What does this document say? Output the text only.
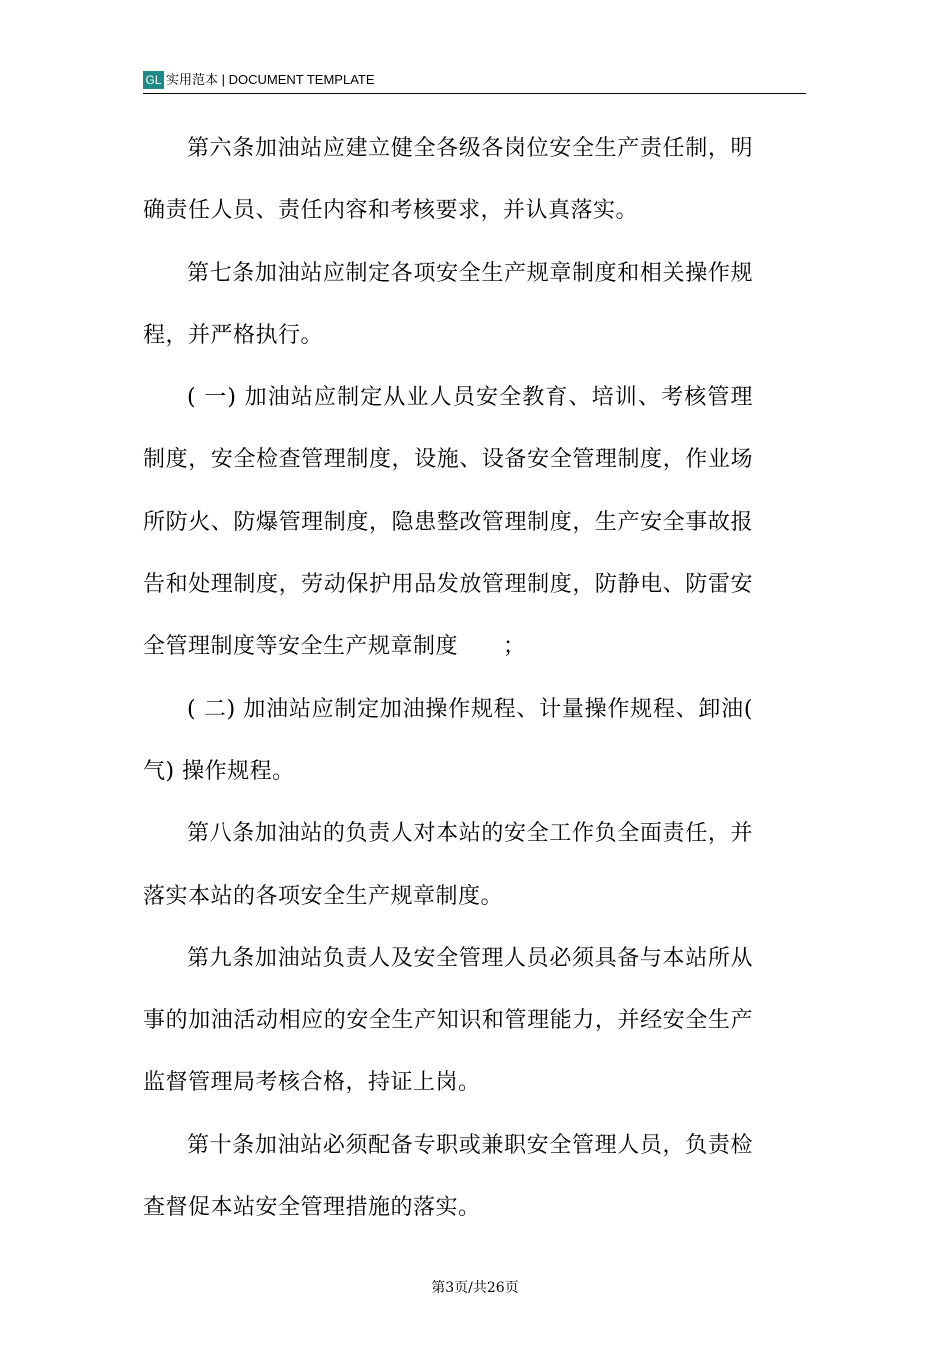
GL 实用范本 | DOCUMENT TEMPLATE

第六条加油站应建立健全各级各岗位安全生产责任制，明确责任人员、责任内容和考核要求，并认真落实。

第七条加油站应制定各项安全生产规章制度和相关操作规程，并严格执行。

( 一) 加油站应制定从业人员安全教育、培训、考核管理制度，安全检查管理制度，设施、设备安全管理制度，作业场所防火、防爆管理制度，隐患整改管理制度，生产安全事故报告和处理制度，劳动保护用品发放管理制度，防静电、防雷安全管理制度等安全生产规章制度　　；

( 二) 加油站应制定加油操作规程、计量操作规程、卸油( 气) 操作规程。

第八条加油站的负责人对本站的安全工作负全面责任，并落实本站的各项安全生产规章制度。

第九条加油站负责人及安全管理人员必须具备与本站所从事的加油活动相应的安全生产知识和管理能力，并经安全生产监督管理局考核合格，持证上岗。

第十条加油站必须配备专职或兼职安全管理人员，负责检查督促本站安全管理措施的落实。

第3页/共26页
